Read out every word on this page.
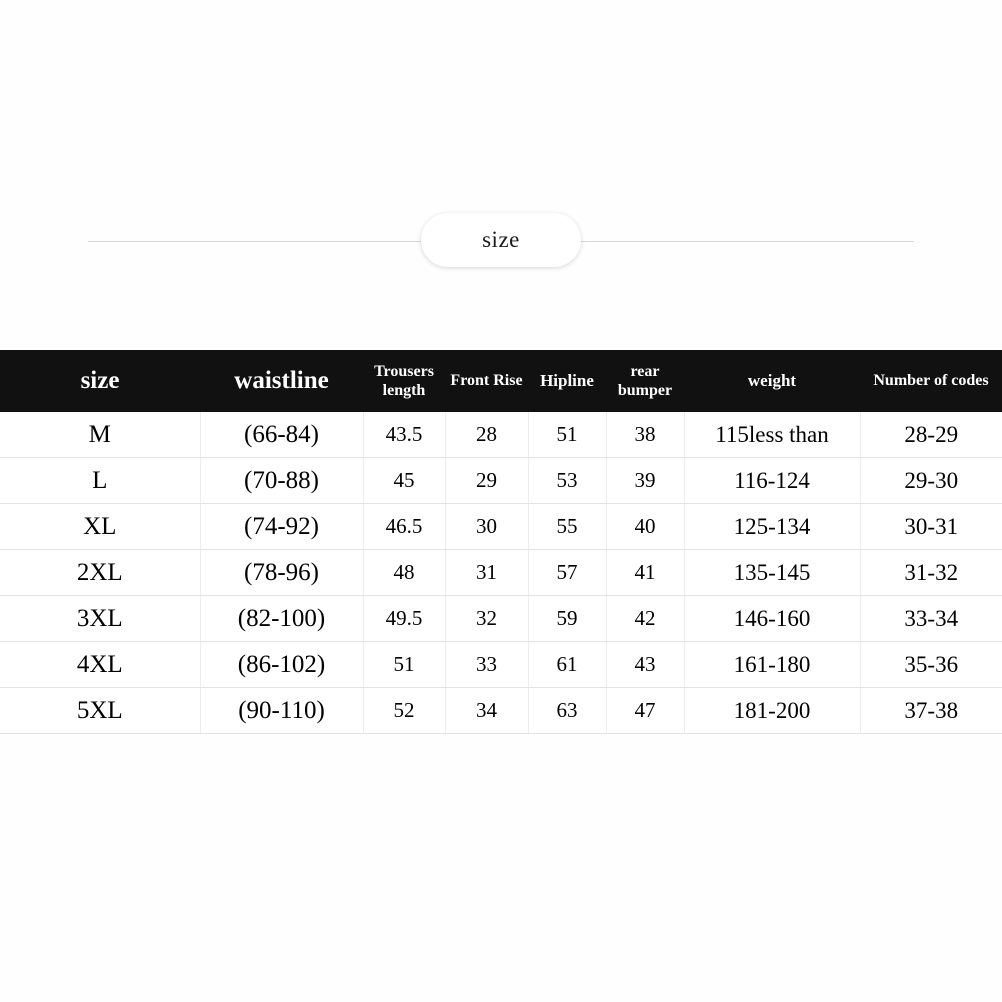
size
size	waistline	Trousers length	Front Rise	Hipline	rear bumper	weight	Number of codes
M	(66-84)	43.5	28	51	38	115less than	28-29
L	(70-88)	45	29	53	39	116-124	29-30
XL	(74-92)	46.5	30	55	40	125-134	30-31
2XL	(78-96)	48	31	57	41	135-145	31-32
3XL	(82-100)	49.5	32	59	42	146-160	33-34
4XL	(86-102)	51	33	61	43	161-180	35-36
5XL	(90-110)	52	34	63	47	181-200	37-38
